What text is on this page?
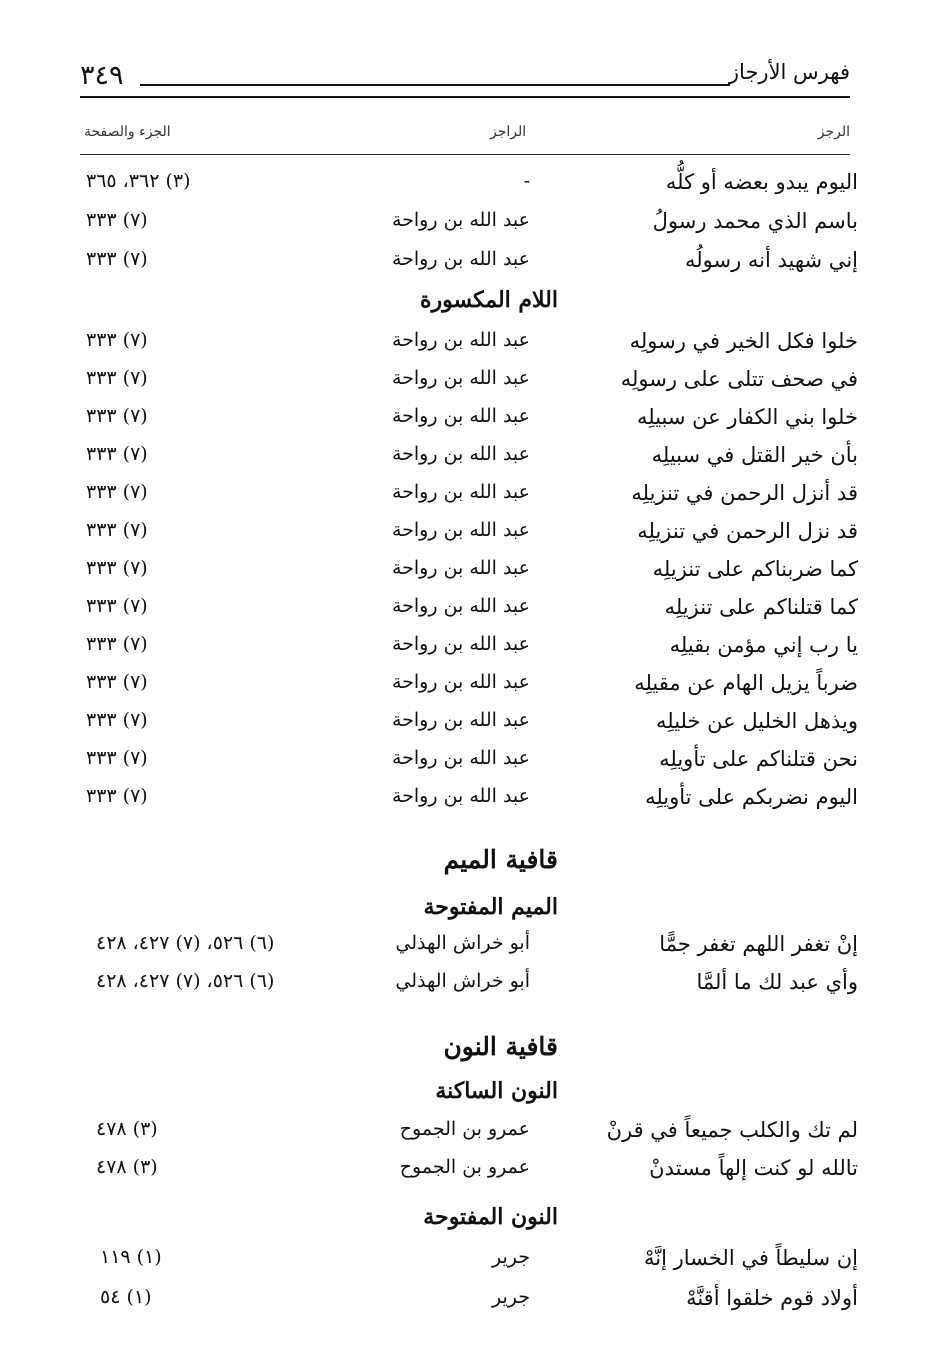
٣٤٩	فهرس الأرجاز
الرجز
الراجز
الجزء والصفحة
اليوم يبدو بعضه أو كلُّه
-
(٣) ٣٦٢، ٣٦٥
باسم الذي محمد رسولُ
عبد الله بن رواحة
(٧) ٣٣٣
إني شهيد أنه رسولُه
عبد الله بن رواحة
(٧) ٣٣٣
اللام المكسورة
خلوا فكل الخير في رسولِه
عبد الله بن رواحة
(٧) ٣٣٣
في صحف تتلى على رسولِه
عبد الله بن رواحة
(٧) ٣٣٣
خلوا بني الكفار عن سبيلِه
عبد الله بن رواحة
(٧) ٣٣٣
بأن خير القتل في سبيلِه
عبد الله بن رواحة
(٧) ٣٣٣
قد أنزل الرحمن في تنزيلِه
عبد الله بن رواحة
(٧) ٣٣٣
قد نزل الرحمن في تنزيلِه
عبد الله بن رواحة
(٧) ٣٣٣
كما ضربناكم على تنزيلِه
عبد الله بن رواحة
(٧) ٣٣٣
كما قتلناكم على تنزيلِه
عبد الله بن رواحة
(٧) ٣٣٣
يا رب إني مؤمن بقيلِه
عبد الله بن رواحة
(٧) ٣٣٣
ضرباً يزيل الهام عن مقيلِه
عبد الله بن رواحة
(٧) ٣٣٣
ويذهل الخليل عن خليلِه
عبد الله بن رواحة
(٧) ٣٣٣
نحن قتلناكم على تأويلِه
عبد الله بن رواحة
(٧) ٣٣٣
اليوم نضربكم على تأويلِه
عبد الله بن رواحة
(٧) ٣٣٣
قافية الميم
الميم المفتوحة
إنْ تغفر اللهم تغفر جمًّا
أبو خراش الهذلي
(٦) ٥٢٦، (٧) ٤٢٧، ٤٢٨
وأي عبد لك ما ألمَّا
أبو خراش الهذلي
(٦) ٥٢٦، (٧) ٤٢٧، ٤٢٨
قافية النون
النون الساكنة
لم تك والكلب جميعاً في قرنْ
عمرو بن الجموح
(٣) ٤٧٨
تالله لو كنت إلهاً مستدنْ
عمرو بن الجموح
(٣) ٤٧٨
النون المفتوحة
إن سليطاً في الخسار إنَّهْ
جرير
(١) ١١٩
أولاد قوم خلقوا أقنَّهْ
جرير
(١) ٥٤
